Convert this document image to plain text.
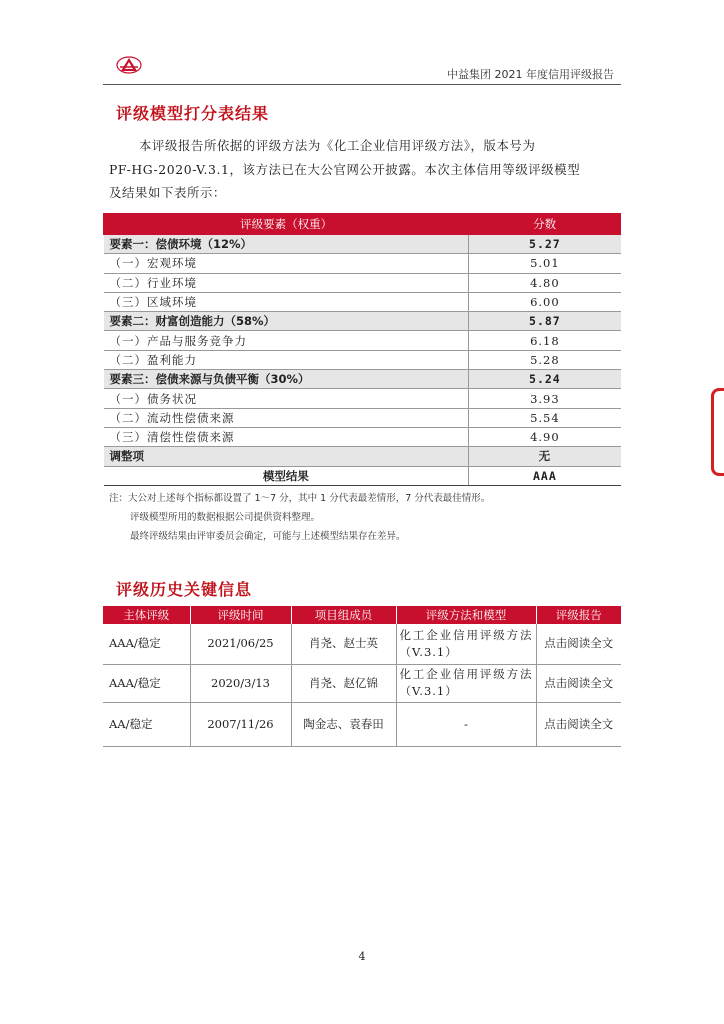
中益集团 2021 年度信用评级报告
评级模型打分表结果
本评级报告所依据的评级方法为《化工企业信用评级方法》，版本号为
PF-HG-2020-V.3.1，该方法已在大公官网公开披露。本次主体信用等级评级模型
及结果如下表所示：
评级要素（权重）	分数
要素一：偿债环境（12%）	5.27
（一）宏观环境	5.01
（二）行业环境	4.80
（三）区域环境	6.00
要素二：财富创造能力（58%）	5.87
（一）产品与服务竞争力	6.18
（二）盈利能力	5.28
要素三：偿债来源与负债平衡（30%）	5.24
（一）债务状况	3.93
（二）流动性偿债来源	5.54
（三）清偿性偿债来源	4.90
调整项	无
模型结果	AAA
注：大公对上述每个指标都设置了 1～7 分，其中 1 分代表最差情形，7 分代表最佳情形。
评级模型所用的数据根据公司提供资料整理。
最终评级结果由评审委员会确定，可能与上述模型结果存在差异。
评级历史关键信息
主体评级	评级时间	项目组成员	评级方法和模型	评级报告
AAA/稳定	2021/06/25	肖尧、赵士英	化工企业信用评级方法（V.3.1）	点击阅读全文
AAA/稳定	2020/3/13	肖尧、赵亿锦	化工企业信用评级方法（V.3.1）	点击阅读全文
AA/稳定	2007/11/26	陶金志、袁春田	-	点击阅读全文
4
